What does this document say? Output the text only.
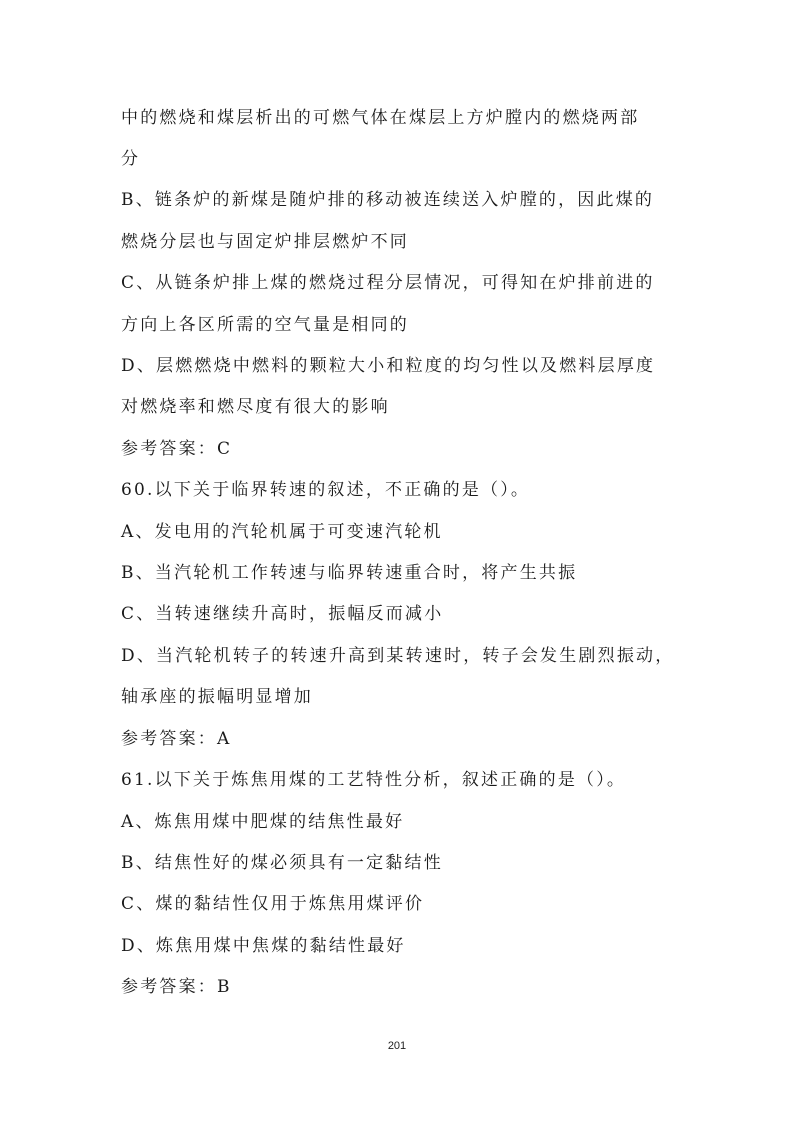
中的燃烧和煤层析出的可燃气体在煤层上方炉膛内的燃烧两部
分
B、链条炉的新煤是随炉排的移动被连续送入炉膛的，因此煤的
燃烧分层也与固定炉排层燃炉不同
C、从链条炉排上煤的燃烧过程分层情况，可得知在炉排前进的
方向上各区所需的空气量是相同的
D、层燃燃烧中燃料的颗粒大小和粒度的均匀性以及燃料层厚度
对燃烧率和燃尽度有很大的影响
参考答案：C
60.以下关于临界转速的叙述，不正确的是（）。
A、发电用的汽轮机属于可变速汽轮机
B、当汽轮机工作转速与临界转速重合时，将产生共振
C、当转速继续升高时，振幅反而减小
D、当汽轮机转子的转速升高到某转速时，转子会发生剧烈振动，
轴承座的振幅明显增加
参考答案：A
61.以下关于炼焦用煤的工艺特性分析，叙述正确的是（）。
A、炼焦用煤中肥煤的结焦性最好
B、结焦性好的煤必须具有一定黏结性
C、煤的黏结性仅用于炼焦用煤评价
D、炼焦用煤中焦煤的黏结性最好
参考答案：B
201
